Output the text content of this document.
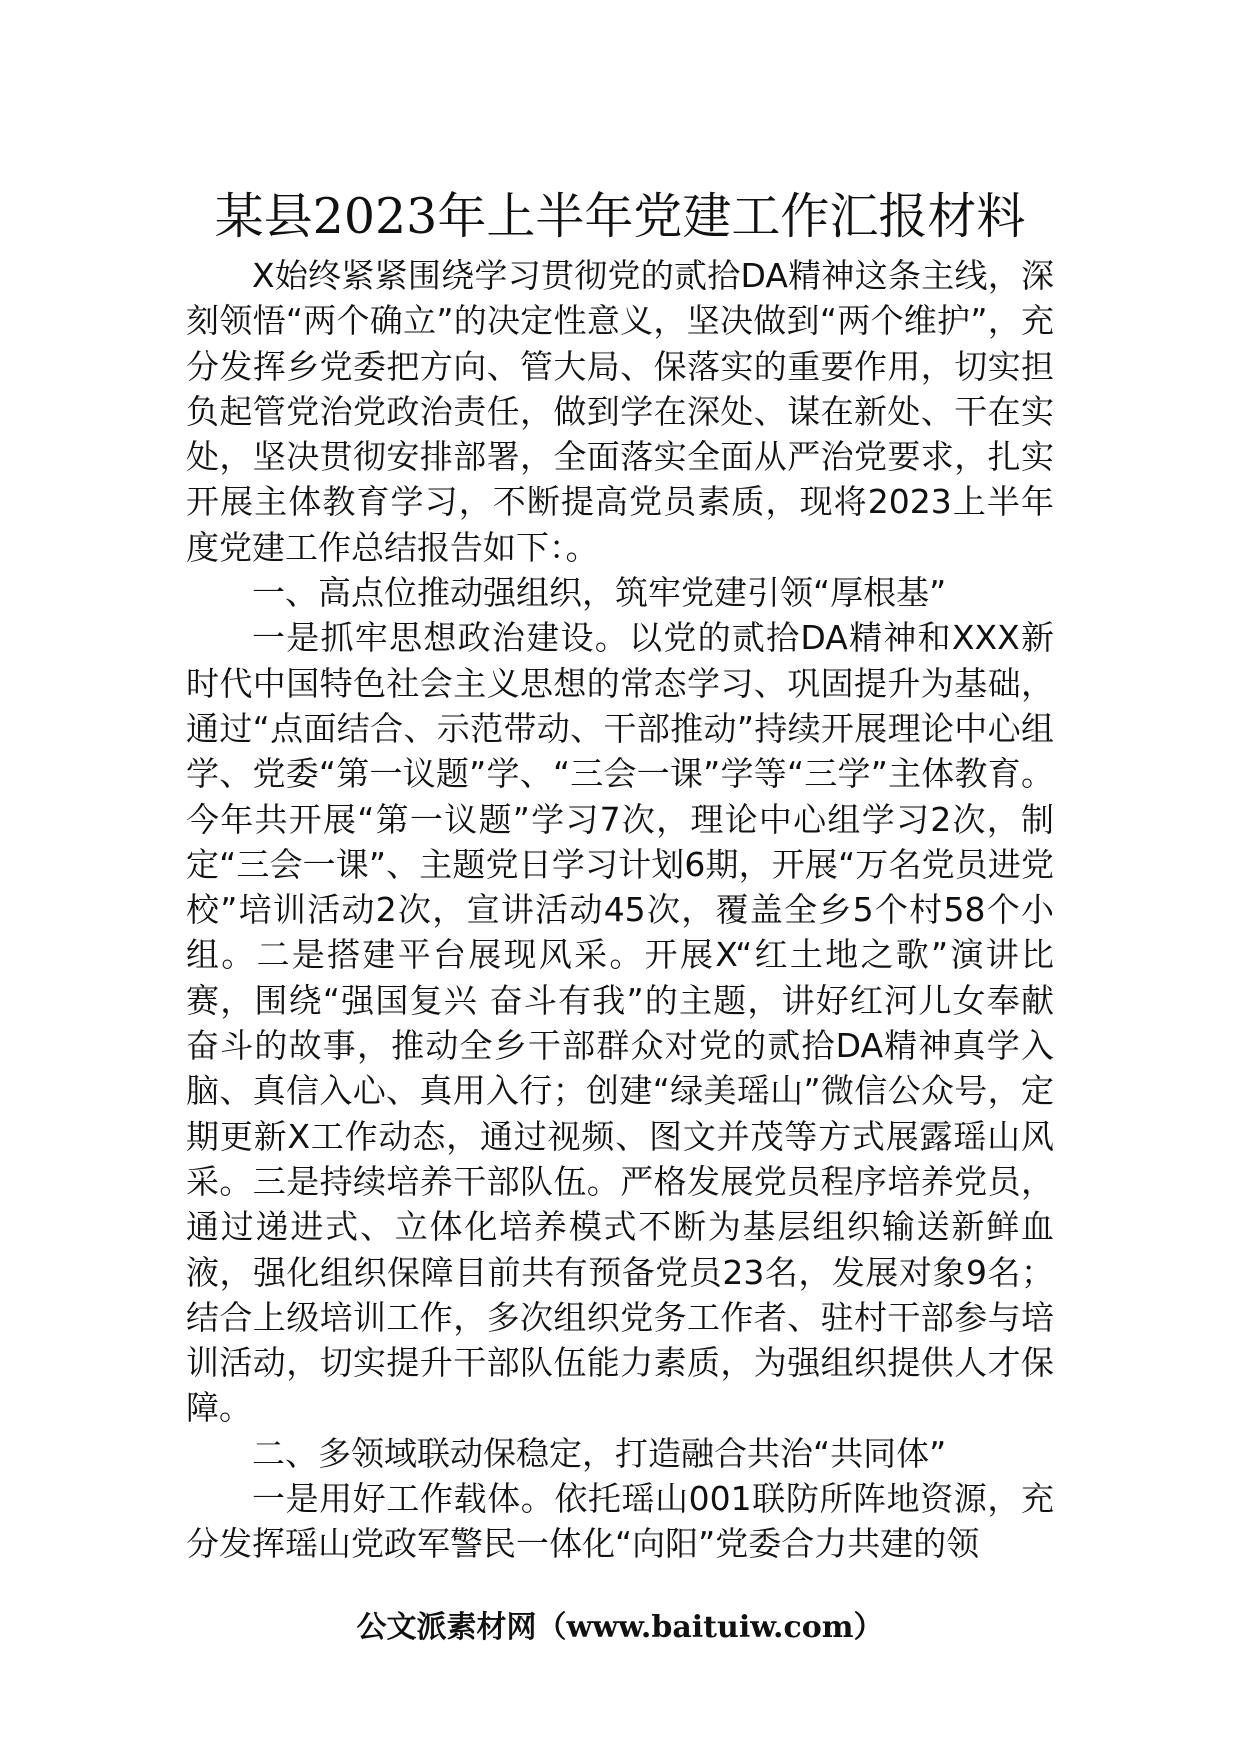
某县2023年上半年党建工作汇报材料

X始终紧紧围绕学习贯彻党的贰拾DA精神这条主线，深刻领悟“两个确立”的决定性意义，坚决做到“两个维护”，充分发挥乡党委把方向、管大局、保落实的重要作用，切实担负起管党治党政治责任，做到学在深处、谋在新处、干在实处，坚决贯彻安排部署，全面落实全面从严治党要求，扎实开展主体教育学习，不断提高党员素质，现将2023上半年度党建工作总结报告如下：。

一、高点位推动强组织，筑牢党建引领“厚根基”

一是抓牢思想政治建设。以党的贰拾DA精神和XXX新时代中国特色社会主义思想的常态学习、巩固提升为基础，通过“点面结合、示范带动、干部推动”持续开展理论中心组学、党委“第一议题”学、“三会一课”学等“三学”主体教育。今年共开展“第一议题”学习7次，理论中心组学习2次，制定“三会一课”、主题党日学习计划6期，开展“万名党员进党校”培训活动2次，宣讲活动45次，覆盖全乡5个村58个小组。二是搭建平台展现风采。开展X“红土地之歌”演讲比赛，围绕“强国复兴 奋斗有我”的主题，讲好红河儿女奉献奋斗的故事，推动全乡干部群众对党的贰拾DA精神真学入脑、真信入心、真用入行；创建“绿美瑶山”微信公众号，定期更新X工作动态，通过视频、图文并茂等方式展露瑶山风采。三是持续培养干部队伍。严格发展党员程序培养党员，通过递进式、立体化培养模式不断为基层组织输送新鲜血液，强化组织保障目前共有预备党员23名，发展对象9名；结合上级培训工作，多次组织党务工作者、驻村干部参与培训活动，切实提升干部队伍能力素质，为强组织提供人才保障。

二、多领域联动保稳定，打造融合共治“共同体”

一是用好工作载体。依托瑶山001联防所阵地资源，充分发挥瑶山党政军警民一体化“向阳”党委合力共建的领

公文派素材网（www.baituiw.com）
